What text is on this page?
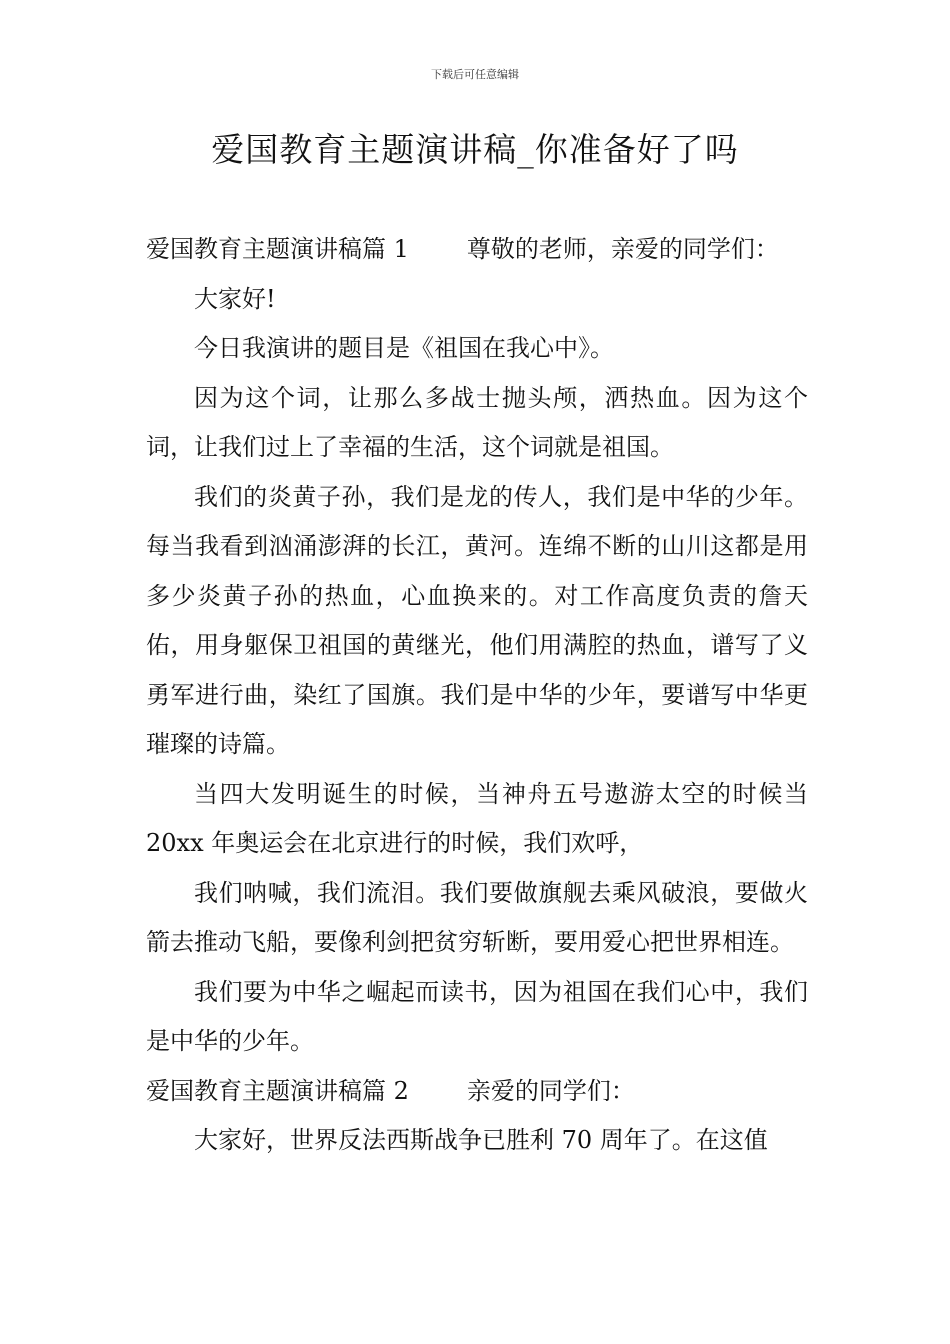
下载后可任意编辑
爱国教育主题演讲稿_你准备好了吗

爱国教育主题演讲稿篇 1 尊敬的老师，亲爱的同学们：

大家好!

今日我演讲的题目是《祖国在我心中》。

因为这个词，让那么多战士抛头颅，洒热血。因为这个词，让我们过上了幸福的生活，这个词就是祖国。

我们的炎黄子孙，我们是龙的传人，我们是中华的少年。每当我看到汹涌澎湃的长江，黄河。连绵不断的山川这都是用多少炎黄子孙的热血，心血换来的。对工作高度负责的詹天佑，用身躯保卫祖国的黄继光，他们用满腔的热血，谱写了义勇军进行曲，染红了国旗。我们是中华的少年，要谱写中华更璀璨的诗篇。

当四大发明诞生的时候，当神舟五号遨游太空的时候当 20xx 年奥运会在北京进行的时候，我们欢呼，

我们呐喊，我们流泪。我们要做旗舰去乘风破浪，要做火箭去推动飞船，要像利剑把贫穷斩断，要用爱心把世界相连。

我们要为中华之崛起而读书，因为祖国在我们心中，我们是中华的少年。

爱国教育主题演讲稿篇 2 亲爱的同学们：

大家好，世界反法西斯战争已胜利 70 周年了。在这值
